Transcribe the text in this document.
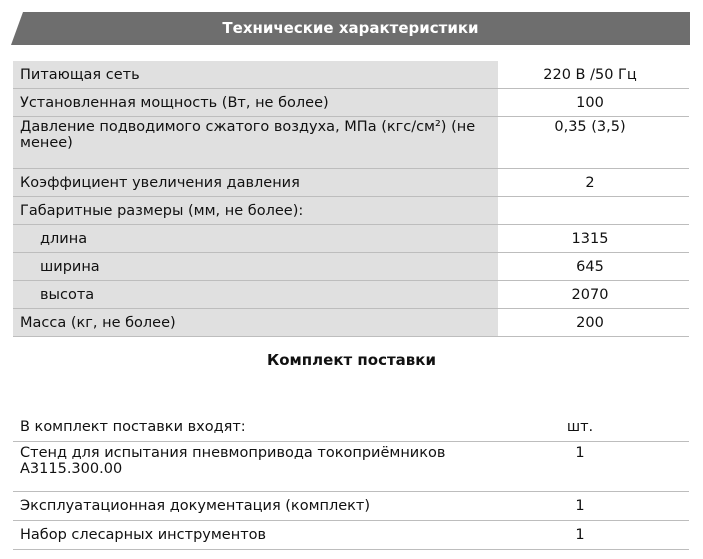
Технические характеристики
Питающая сеть	220 В /50 Гц
Установленная мощность (Вт, не более)	100
Давление подводимого сжатого воздуха, МПа (кгс/см²) (не менее)	0,35 (3,5)
Коэффициент увеличения давления	2
Габаритные размеры (мм, не более):	
длина	1315
ширина	645
высота	2070
Масса (кг, не более)	200
Комплект поставки
В комплект поставки входят:	шт.
Стенд для испытания пневмопривода токоприёмников А3115.300.00	1
Эксплуатационная документация (комплект)	1
Набор слесарных инструментов	1
